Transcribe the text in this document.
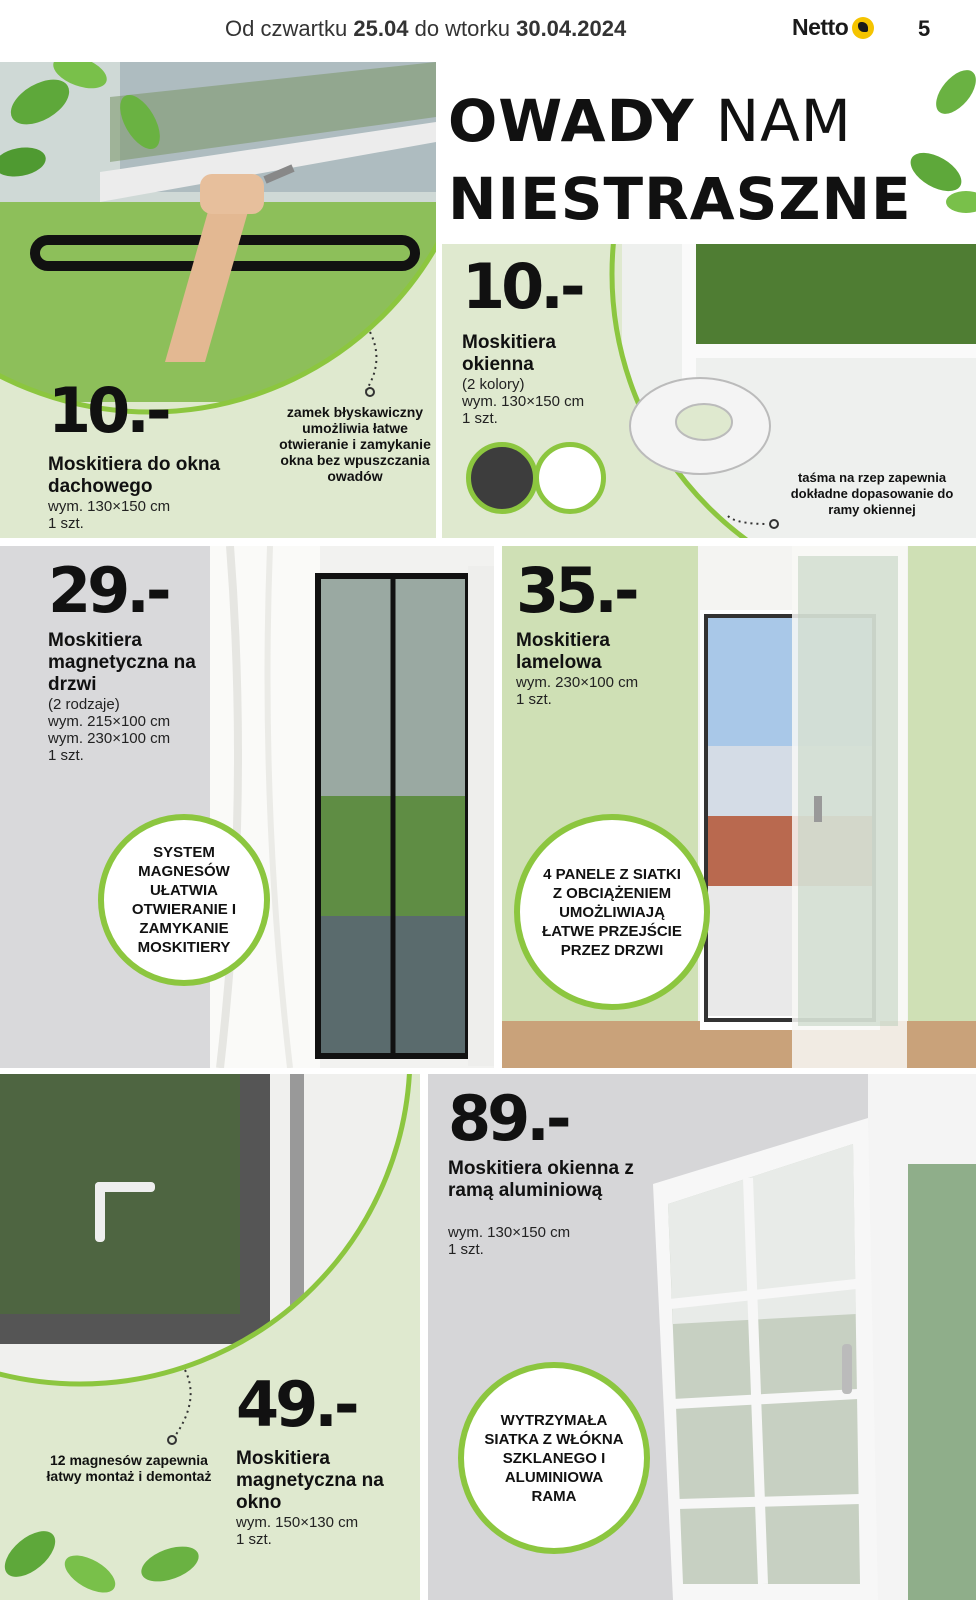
Od czwartku 25.04 do wtorku 30.04.2024	Netto	5
10.-
Moskitiera do okna dachowego
wym. 130×150 cm
1 szt.
zamek błyskawiczny umożliwia łatwe otwieranie i zamykanie okna bez wpuszczania owadów
OWADY NAM
NIESTRASZNE
10.-
Moskitiera okienna
(2 kolory)
wym. 130×150 cm
1 szt.
taśma na rzep zapewnia dokładne dopasowanie do ramy okiennej
29.-
Moskitiera magnetyczna na drzwi
(2 rodzaje)
wym. 215×100 cm
wym. 230×100 cm
1 szt.
SYSTEM MAGNESÓW UŁATWIA OTWIERANIE I ZAMYKANIE MOSKITIERY
35.-
Moskitiera lamelowa
wym. 230×100 cm
1 szt.
4 PANELE Z SIATKI Z OBCIĄŻENIEM UMOŻLIWIAJĄ ŁATWE PRZEJŚCIE PRZEZ DRZWI
12 magnesów zapewnia łatwy montaż i demontaż
49.-
Moskitiera magnetyczna na okno
wym. 150×130 cm
1 szt.
89.-
Moskitiera okienna z ramą aluminiową
wym. 130×150 cm
1 szt.
WYTRZYMAŁA SIATKA Z WŁÓKNA SZKLANEGO I ALUMINIOWA RAMA
